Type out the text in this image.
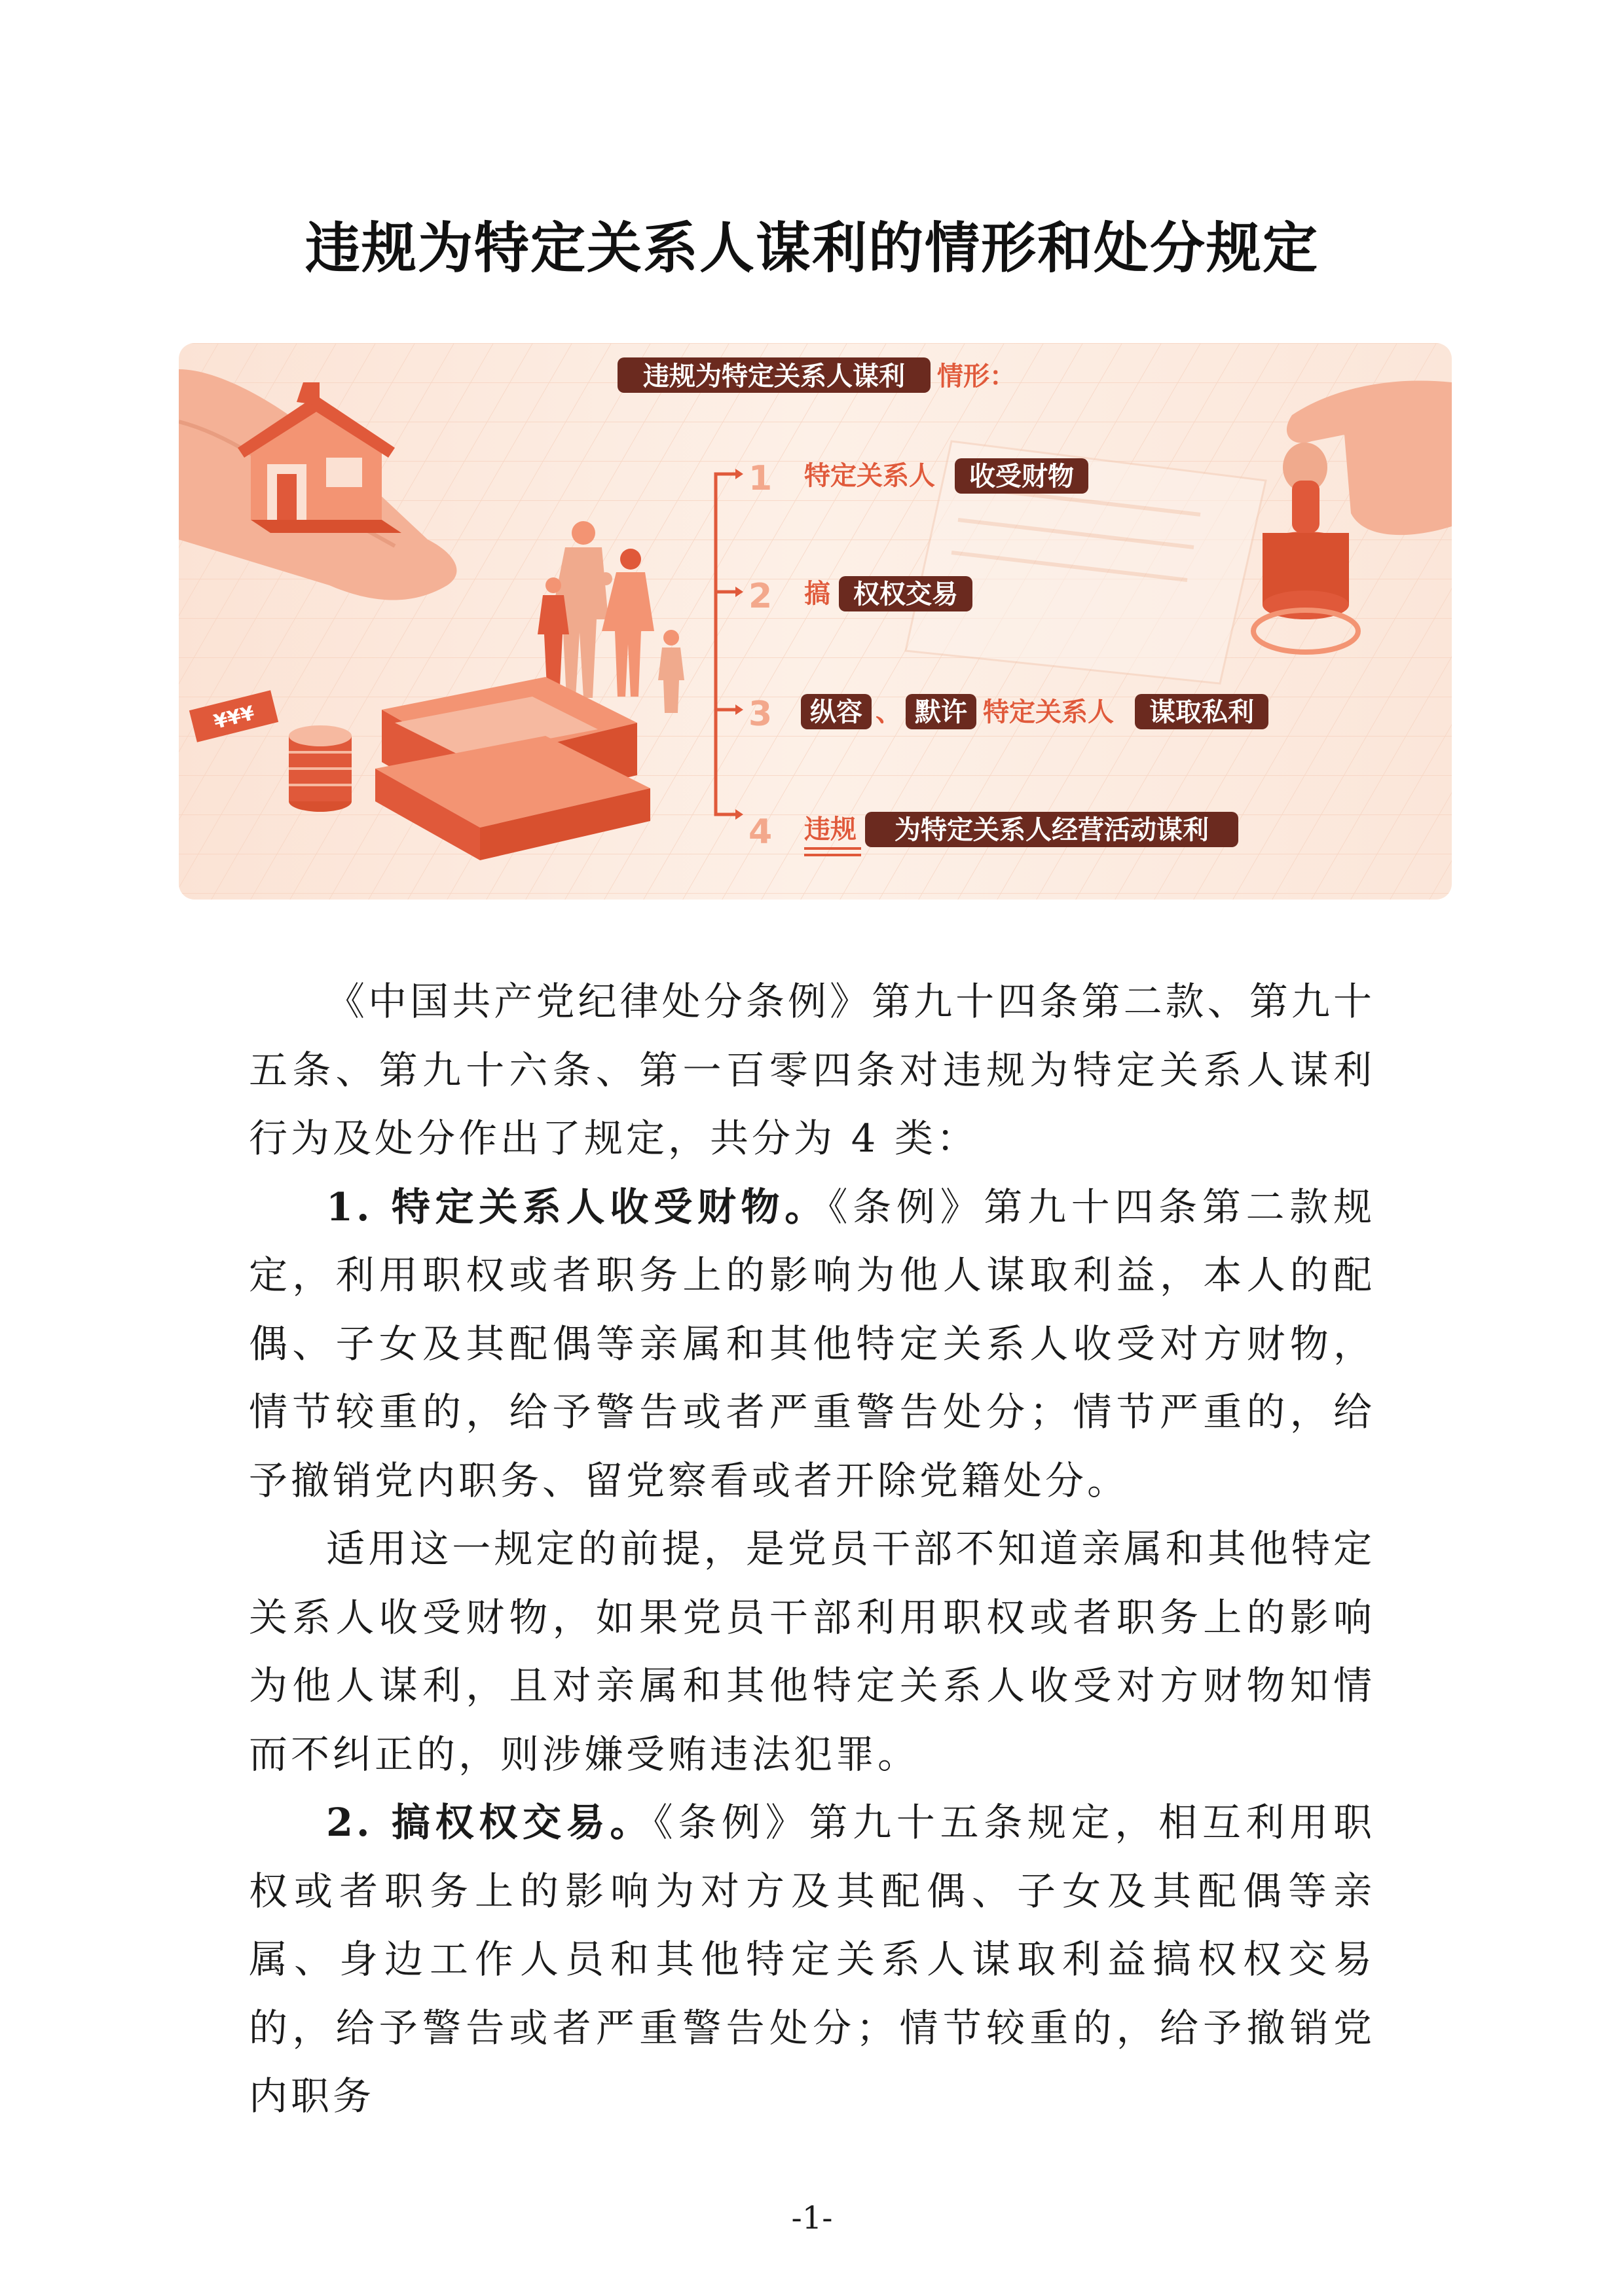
违规为特定关系人谋利的情形和处分规定
¥¥¥
违规为特定关系人谋利 情形：
1 特定关系人 收受财物
2 搞 权权交易
3 纵容 、 默许 特定关系人 谋取私利
4 违规 为特定关系人经营活动谋利

《中国共产党纪律处分条例》第九十四条第二款、第九十五条、第九十六条、第一百零四条对违规为特定关系人谋利行为及处分作出了规定，共分为 4 类：

1. 特定关系人收受财物。《条例》第九十四条第二款规定，利用职权或者职务上的影响为他人谋取利益，本人的配偶、子女及其配偶等亲属和其他特定关系人收受对方财物，情节较重的，给予警告或者严重警告处分；情节严重的，给予撤销党内职务、留党察看或者开除党籍处分。

适用这一规定的前提，是党员干部不知道亲属和其他特定关系人收受财物，如果党员干部利用职权或者职务上的影响为他人谋利，且对亲属和其他特定关系人收受对方财物知情而不纠正的，则涉嫌受贿违法犯罪。

2. 搞权权交易。《条例》第九十五条规定，相互利用职权或者职务上的影响为对方及其配偶、子女及其配偶等亲属、身边工作人员和其他特定关系人谋取利益搞权权交易的，给予警告或者严重警告处分；情节较重的，给予撤销党内职务

-1-
